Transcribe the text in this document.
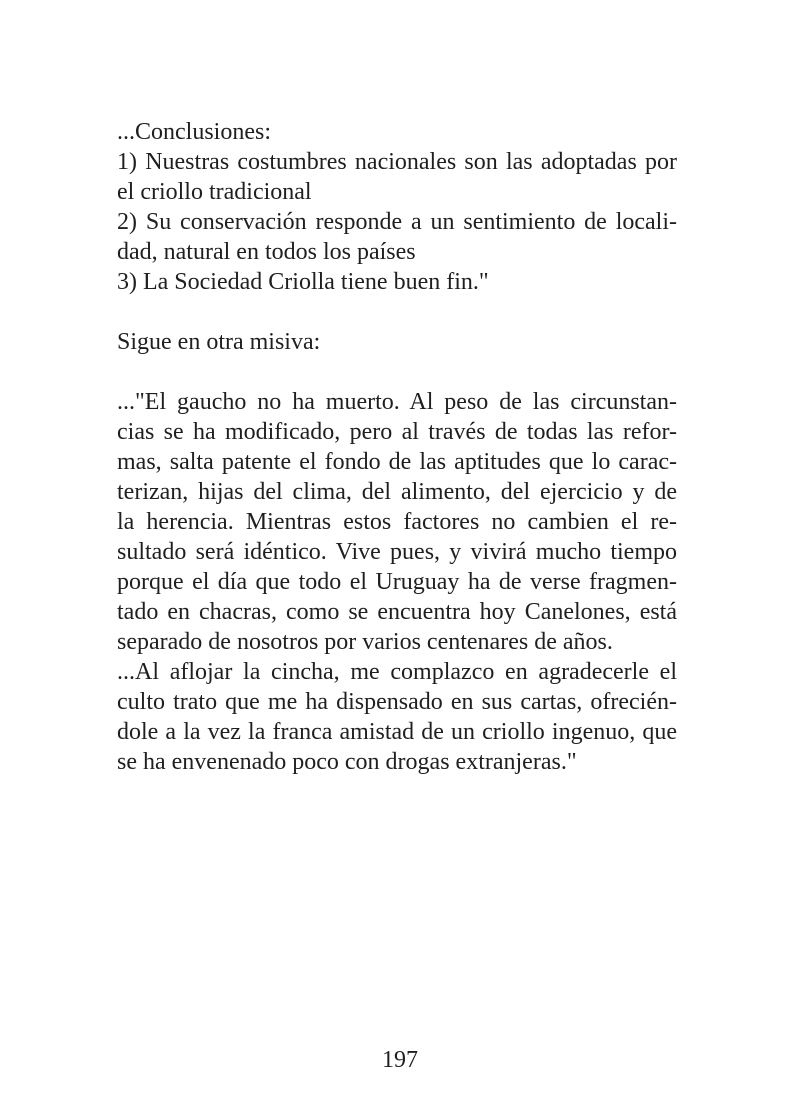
...Conclusiones:
1) Nuestras costumbres nacionales son las adoptadas por
el criollo tradicional
2) Su conservación responde a un sentimiento de locali-
dad, natural en todos los países
3) La Sociedad Criolla tiene buen fin."
Sigue en otra misiva:
..."El gaucho no ha muerto. Al peso de las circunstan-
cias se ha modificado, pero al través de todas las refor-
mas, salta patente el fondo de las aptitudes que lo carac-
terizan, hijas del clima, del alimento, del ejercicio y de
la herencia. Mientras estos factores no cambien el re-
sultado será idéntico. Vive pues, y vivirá mucho tiempo
porque el día que todo el Uruguay ha de verse fragmen-
tado en chacras, como se encuentra hoy Canelones, está
separado de nosotros por varios centenares de años.
...Al aflojar la cincha, me complazco en agradecerle el
culto trato que me ha dispensado en sus cartas, ofrecién-
dole a la vez la franca amistad de un criollo ingenuo, que
se ha envenenado poco con drogas extranjeras."
197
